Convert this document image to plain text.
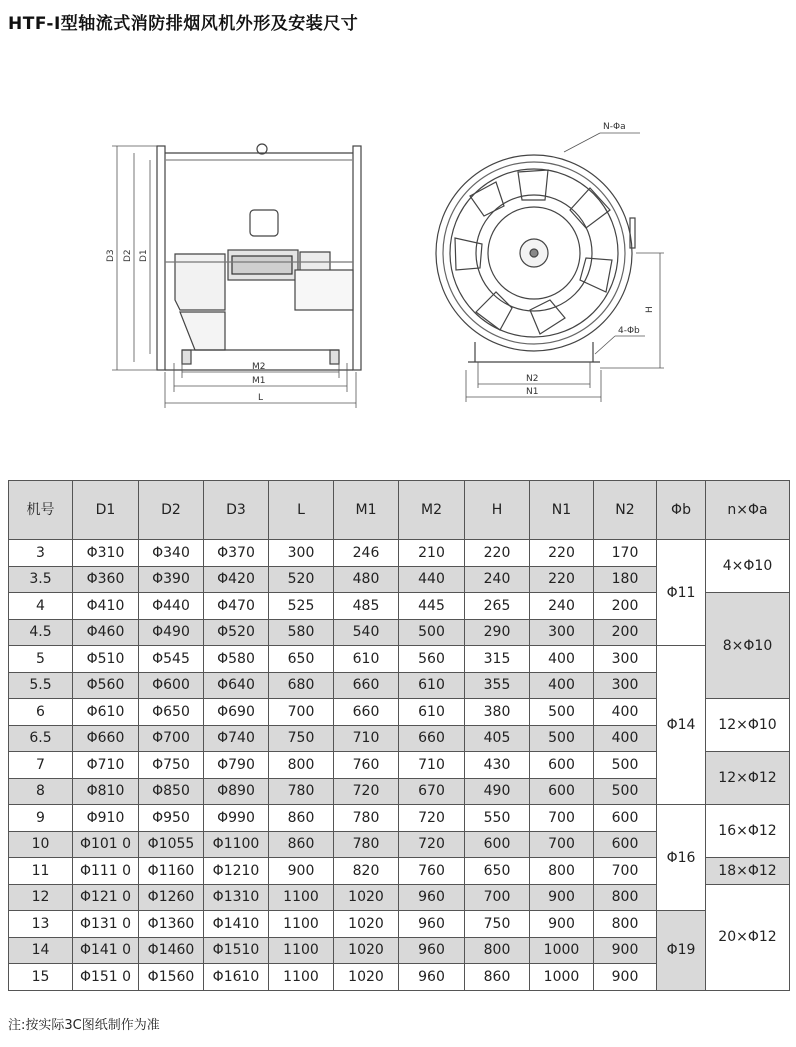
HTF-Ⅰ型轴流式消防排烟风机外形及安装尺寸
D3 D2 D1
M2
M1
L
N-Φa
H
4-Φb
N2
N1
机号	D1	D2	D3	L	M1	M2	H	N1	N2	Φb	n×Φa
3	Φ310	Φ340	Φ370	300	246	210	220	220	170	Φ11	4×Φ10
3.5	Φ360	Φ390	Φ420	520	480	440	240	220	180		
4	Φ410	Φ440	Φ470	525	485	445	265	240	200		8×Φ10
4.5	Φ460	Φ490	Φ520	580	540	500	290	300	200		
5	Φ510	Φ545	Φ580	650	610	560	315	400	300	Φ14	
5.5	Φ560	Φ600	Φ640	680	660	610	355	400	300		
6	Φ610	Φ650	Φ690	700	660	610	380	500	400		12×Φ10
6.5	Φ660	Φ700	Φ740	750	710	660	405	500	400		
7	Φ710	Φ750	Φ790	800	760	710	430	600	500		12×Φ12
8	Φ810	Φ850	Φ890	780	720	670	490	600	500		
9	Φ910	Φ950	Φ990	860	780	720	550	700	600	Φ16	16×Φ12
10	Φ101 0	Φ1055	Φ1100	860	780	720	600	700	600		
11	Φ111 0	Φ1160	Φ1210	900	820	760	650	800	700		18×Φ12
12	Φ121 0	Φ1260	Φ1310	1100	1020	960	700	900	800		20×Φ12
13	Φ131 0	Φ1360	Φ1410	1100	1020	960	750	900	800	Φ19	
14	Φ141 0	Φ1460	Φ1510	1100	1020	960	800	1000	900		
15	Φ151 0	Φ1560	Φ1610	1100	1020	960	860	1000	900		
注:按实际3C图纸制作为准
